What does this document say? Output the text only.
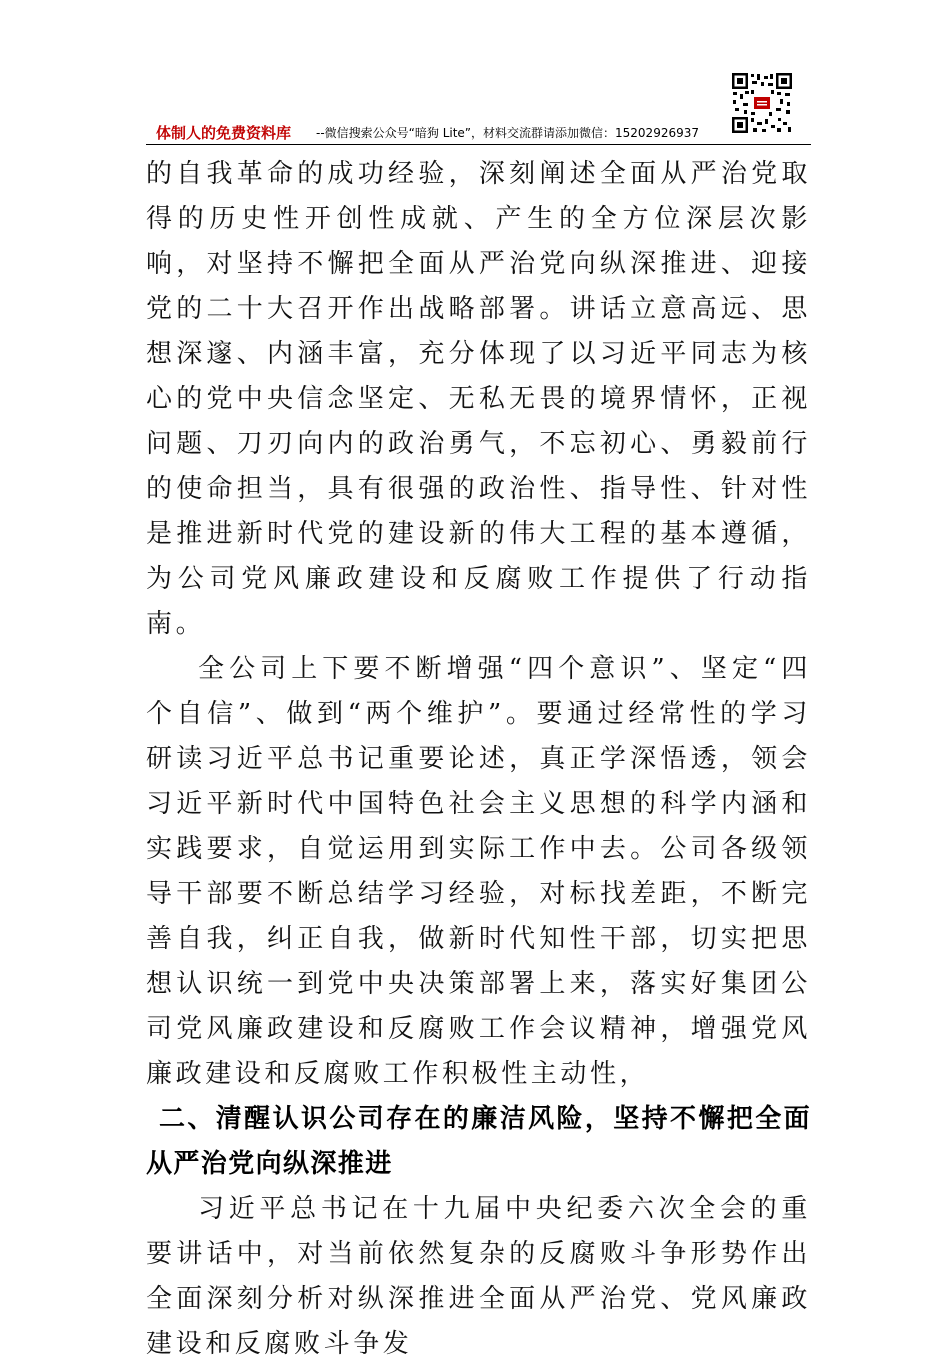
体制人的免费资料库 --微信搜索公众号“暗狗 Lite”，材料交流群请添加微信：15202926937

的自我革命的成功经验，深刻阐述全面从严治党取得的历史性开创性成就、产生的全方位深层次影响，对坚持不懈把全面从严治党向纵深推进、迎接党的二十大召开作出战略部署。讲话立意高远、思想深邃、内涵丰富，充分体现了以习近平同志为核心的党中央信念坚定、无私无畏的境界情怀，正视问题、刀刃向内的政治勇气，不忘初心、勇毅前行的使命担当，具有很强的政治性、指导性、针对性是推进新时代党的建设新的伟大工程的基本遵循，为公司党风廉政建设和反腐败工作提供了行动指南。

全公司上下要不断增强“四个意识”、坚定“四个自信”、做到“两个维护”。要通过经常性的学习研读习近平总书记重要论述，真正学深悟透，领会习近平新时代中国特色社会主义思想的科学内涵和实践要求，自觉运用到实际工作中去。公司各级领导干部要不断总结学习经验，对标找差距，不断完善自我，纠正自我，做新时代知性干部，切实把思想认识统一到党中央决策部署上来，落实好集团公司党风廉政建设和反腐败工作会议精神，增强党风廉政建设和反腐败工作积极性主动性，

二、清醒认识公司存在的廉洁风险，坚持不懈把全面从严治党向纵深推进

习近平总书记在十九届中央纪委六次全会的重要讲话中，对当前依然复杂的反腐败斗争形势作出全面深刻分析对纵深推进全面从严治党、党风廉政建设和反腐败斗争发
